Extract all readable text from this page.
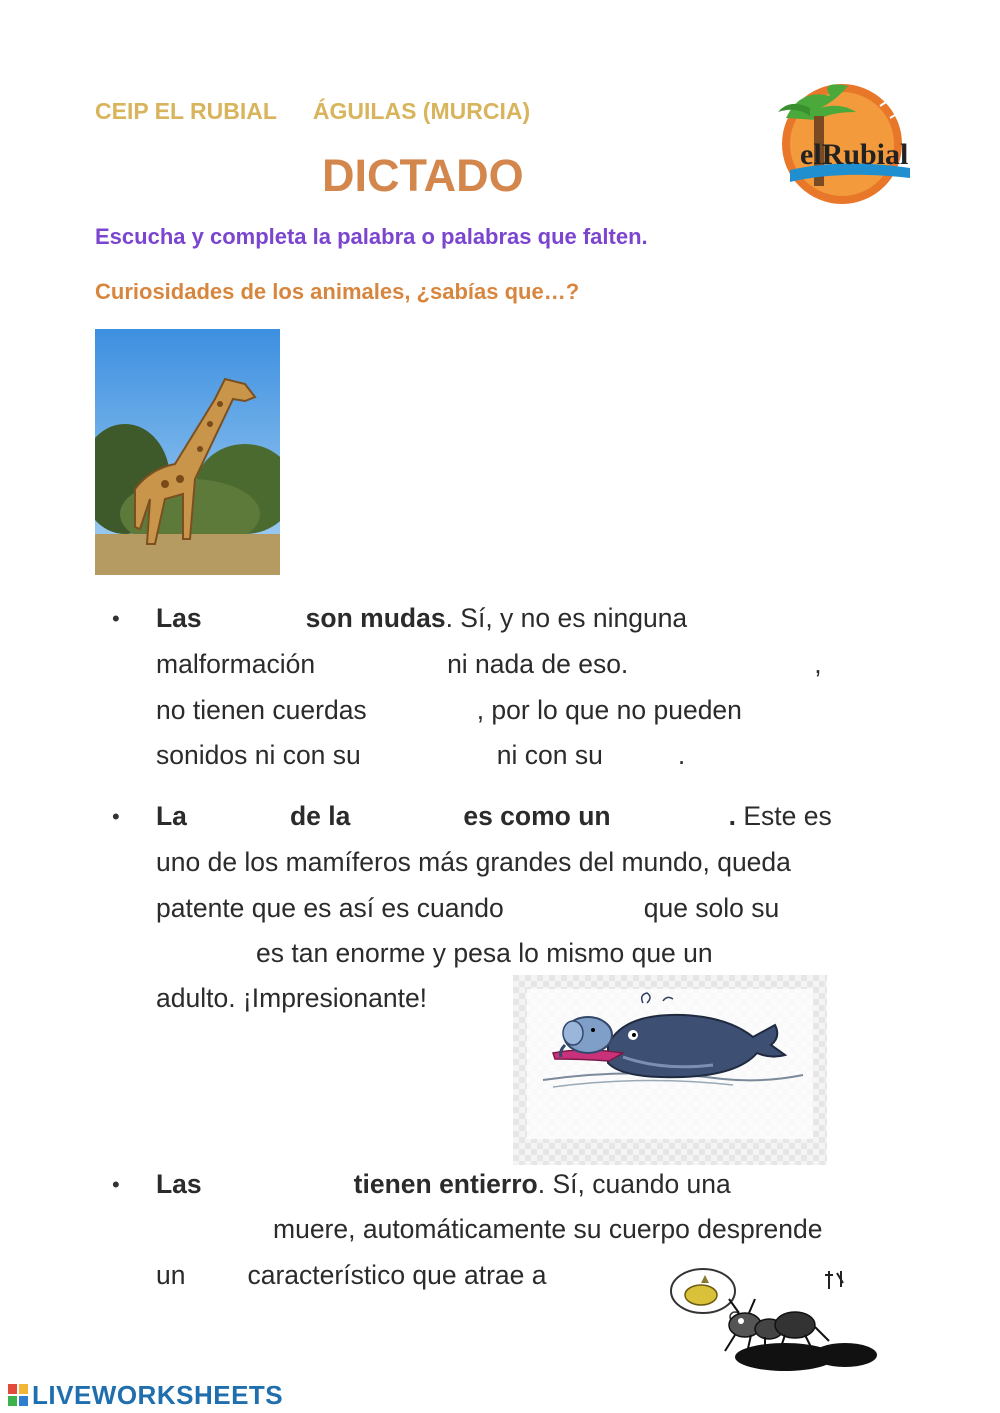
CEIP EL RUBIAL ÁGUILAS (MURCIA)
DICTADO
Escucha y completa la palabra o palabras que falten.
Curiosidades de los animales, ¿sabías que…?
elRubial
• Las	son mudas. Sí, y no es ninguna
malformación	ni nada de eso.	,
no tienen cuerdas	, por lo que no pueden
sonidos ni con su	ni con su	.
• La	de la	es como un	. Este es
uno de los mamíferos más grandes del mundo, queda
patente que es así es cuando	que solo su
es tan enorme y pesa lo mismo que un
adulto. ¡Impresionante!
• Las	tienen entierro. Sí, cuando una
muere, automáticamente su cuerpo desprende
un característico que atrae a
LIVEWORKSHEETS
